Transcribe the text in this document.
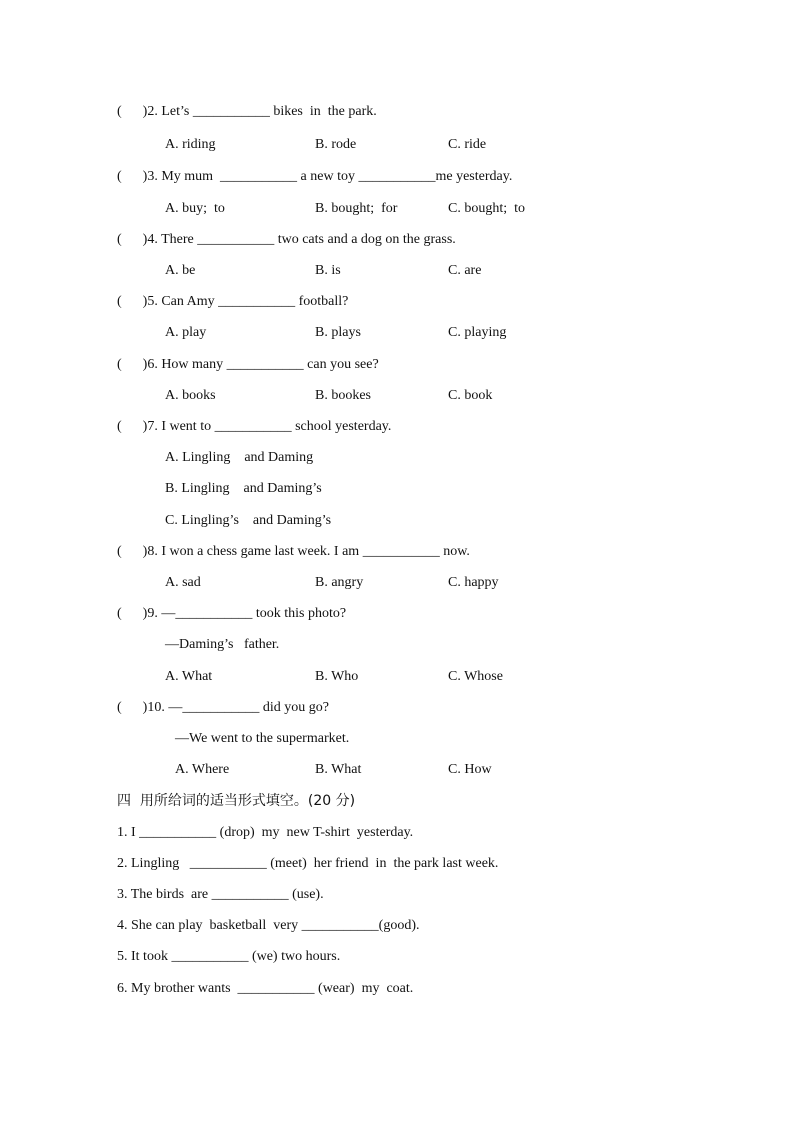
(      )2. Let’s ___________ bikes  in  the park.
A. riding	B. rode	C. ride
(      )3. My mum  ___________ a new toy ___________me yesterday.
A. buy;  to	B. bought;  for	C. bought;  to
(      )4. There ___________ two cats and a dog on the grass.
A. be	B. is	C. are
(      )5. Can Amy ___________ football?
A. play	B. plays	C. playing
(      )6. How many ___________ can you see?
A. books	B. bookes	C. book
(      )7. I went to ___________ school yesterday.
A. Lingling    and Daming
B. Lingling    and Daming’s
C. Lingling’s    and Daming’s
(      )8. I won a chess game last week. I am ___________ now.
A. sad	B. angry	C. happy
(      )9. —___________ took this photo?
—Daming’s   father.
A. What	B. Who	C. Whose
(      )10. —___________ did you go?
—We went to the supermarket.
A. Where	B. What	C. How
四  用所给词的适当形式填空。(20 分)
1. I ___________ (drop)  my  new T-shirt  yesterday.
2. Lingling   ___________ (meet)  her friend  in  the park last week.
3. The birds  are ___________ (use).
4. She can play  basketball  very ___________(good).
5. It took ___________ (we) two hours.
6. My brother wants  ___________ (wear)  my  coat.
